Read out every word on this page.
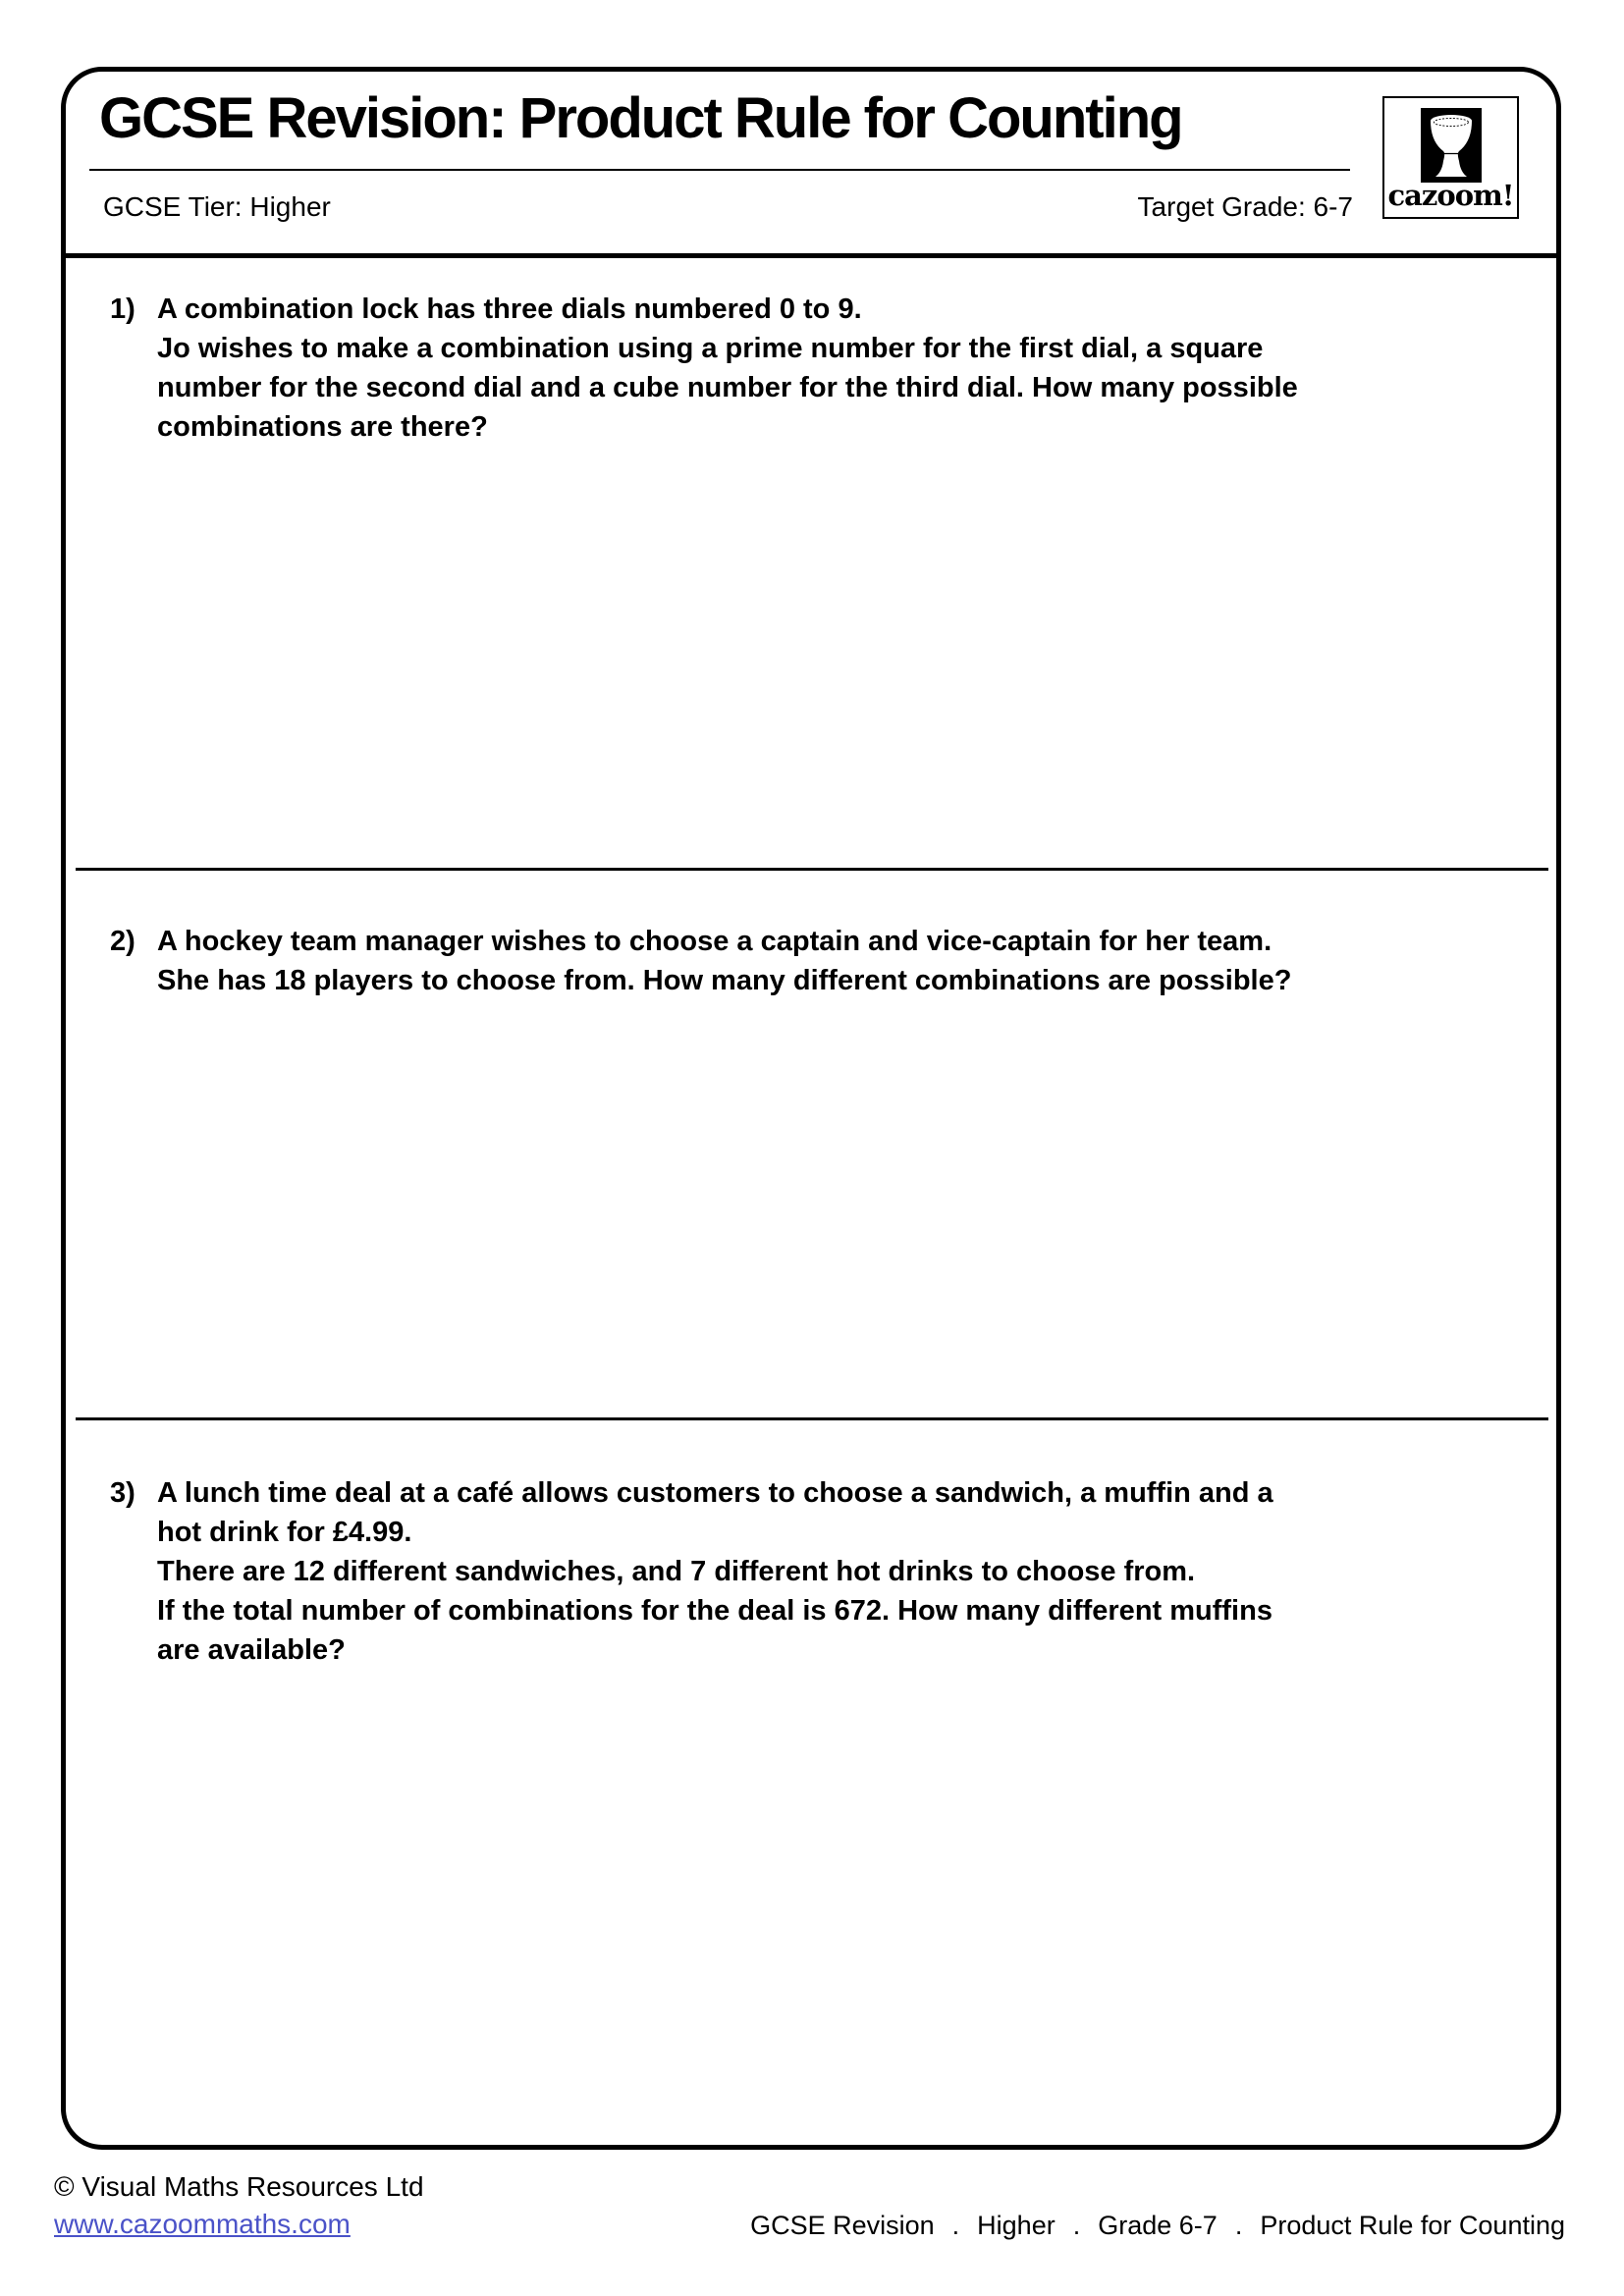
GCSE Revision: Product Rule for Counting
GCSE Tier: Higher	Target Grade: 6-7 cazoom!
1) A combination lock has three dials numbered 0 to 9.
Jo wishes to make a combination using a prime number for the first dial, a square
number for the second dial and a cube number for the third dial. How many possible
combinations are there?
2) A hockey team manager wishes to choose a captain and vice-captain for her team.
She has 18 players to choose from. How many different combinations are possible?
3) A lunch time deal at a café allows customers to choose a sandwich, a muffin and a
hot drink for £4.99.
There are 12 different sandwiches, and 7 different hot drinks to choose from.
If the total number of combinations for the deal is 672. How many different muffins
are available?
© Visual Maths Resources Ltd
www.cazoommaths.com	GCSE Revision . Higher . Grade 6-7 . Product Rule for Counting
